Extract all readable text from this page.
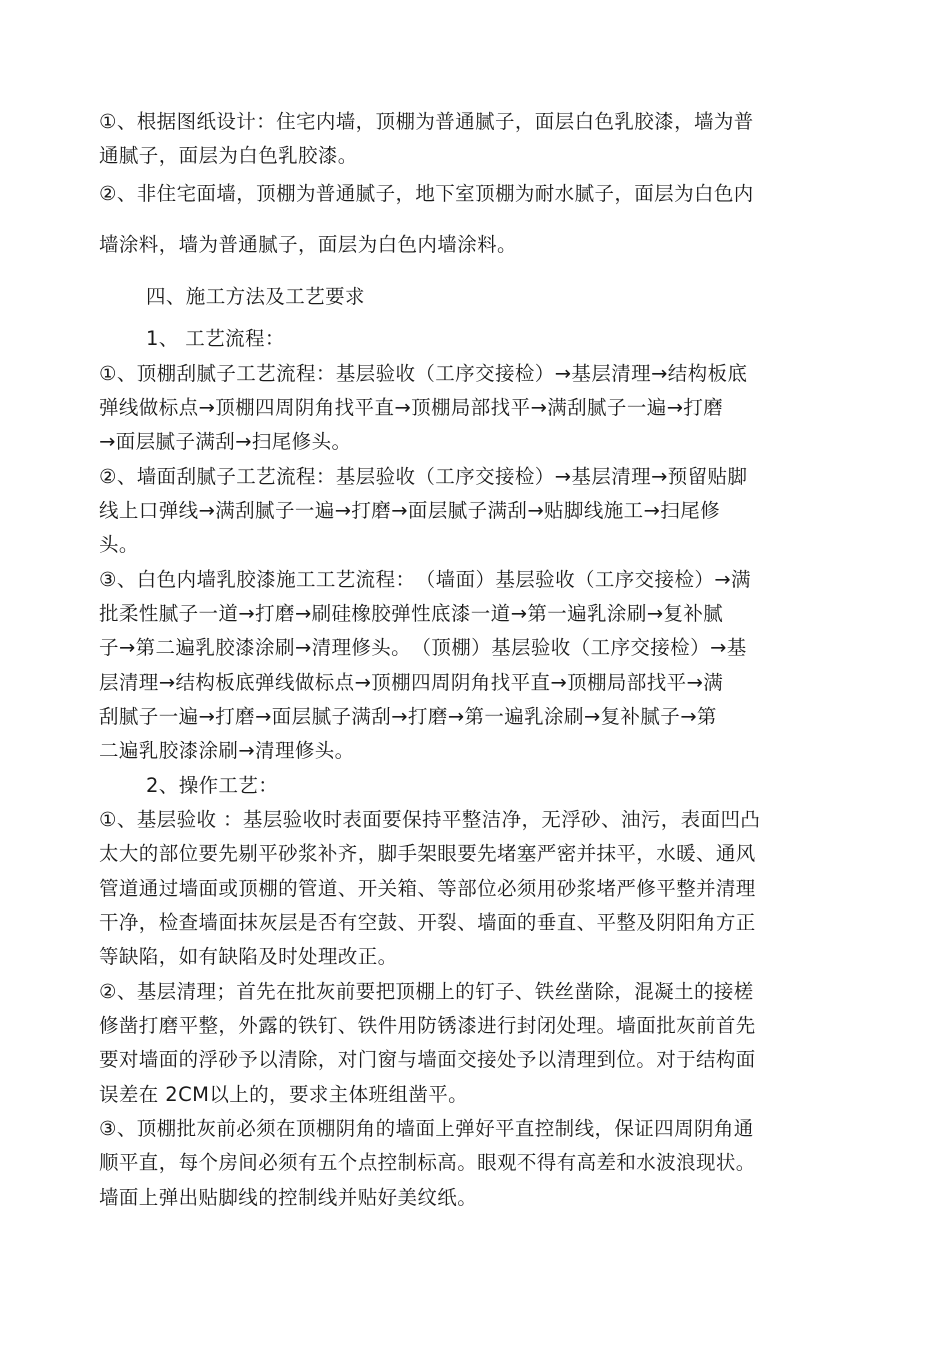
①、根据图纸设计：住宅内墙，顶棚为普通腻子，面层白色乳胶漆，墙为普
通腻子，面层为白色乳胶漆。
②、非住宅面墙，顶棚为普通腻子，地下室顶棚为耐水腻子，面层为白色内
墙涂料，墙为普通腻子，面层为白色内墙涂料。
四、施工方法及工艺要求
1、 工艺流程：
①、顶棚刮腻子工艺流程：基层验收（工序交接检）→基层清理→结构板底
弹线做标点→顶棚四周阴角找平直→顶棚局部找平→满刮腻子一遍→打磨
→面层腻子满刮→扫尾修头。
②、墙面刮腻子工艺流程：基层验收（工序交接检）→基层清理→预留贴脚
线上口弹线→满刮腻子一遍→打磨→面层腻子满刮→贴脚线施工→扫尾修
头。
③、白色内墙乳胶漆施工工艺流程：　（墙面）基层验收（工序交接检）→满
批柔性腻子一道→打磨→刷硅橡胶弹性底漆一道→第一遍乳涂刷→复补腻
子→第二遍乳胶漆涂刷→清理修头。　（顶棚）基层验收（工序交接检）→基
层清理→结构板底弹线做标点→顶棚四周阴角找平直→顶棚局部找平→满
刮腻子一遍→打磨→面层腻子满刮→打磨→第一遍乳涂刷→复补腻子→第
二遍乳胶漆涂刷→清理修头。
2、操作工艺：
①、基层验收 ：基层验收时表面要保持平整洁净，无浮砂、油污，表面凹凸
太大的部位要先剔平砂浆补齐，脚手架眼要先堵塞严密并抹平，水暖、通风
管道通过墙面或顶棚的管道、开关箱、等部位必须用砂浆堵严修平整并清理
干净，检查墙面抹灰层是否有空鼓、开裂、墙面的垂直、平整及阴阳角方正
等缺陷，如有缺陷及时处理改正。
②、基层清理；首先在批灰前要把顶棚上的钉子、铁丝凿除，混凝土的接槎
修凿打磨平整，外露的铁钉、铁件用防锈漆进行封闭处理。墙面批灰前首先
要对墙面的浮砂予以清除，对门窗与墙面交接处予以清理到位。对于结构面
误差在 2CM以上的，要求主体班组凿平。
③、顶棚批灰前必须在顶棚阴角的墙面上弹好平直控制线，保证四周阴角通
顺平直，每个房间必须有五个点控制标高。眼观不得有高差和水波浪现状。
墙面上弹出贴脚线的控制线并贴好美纹纸。
